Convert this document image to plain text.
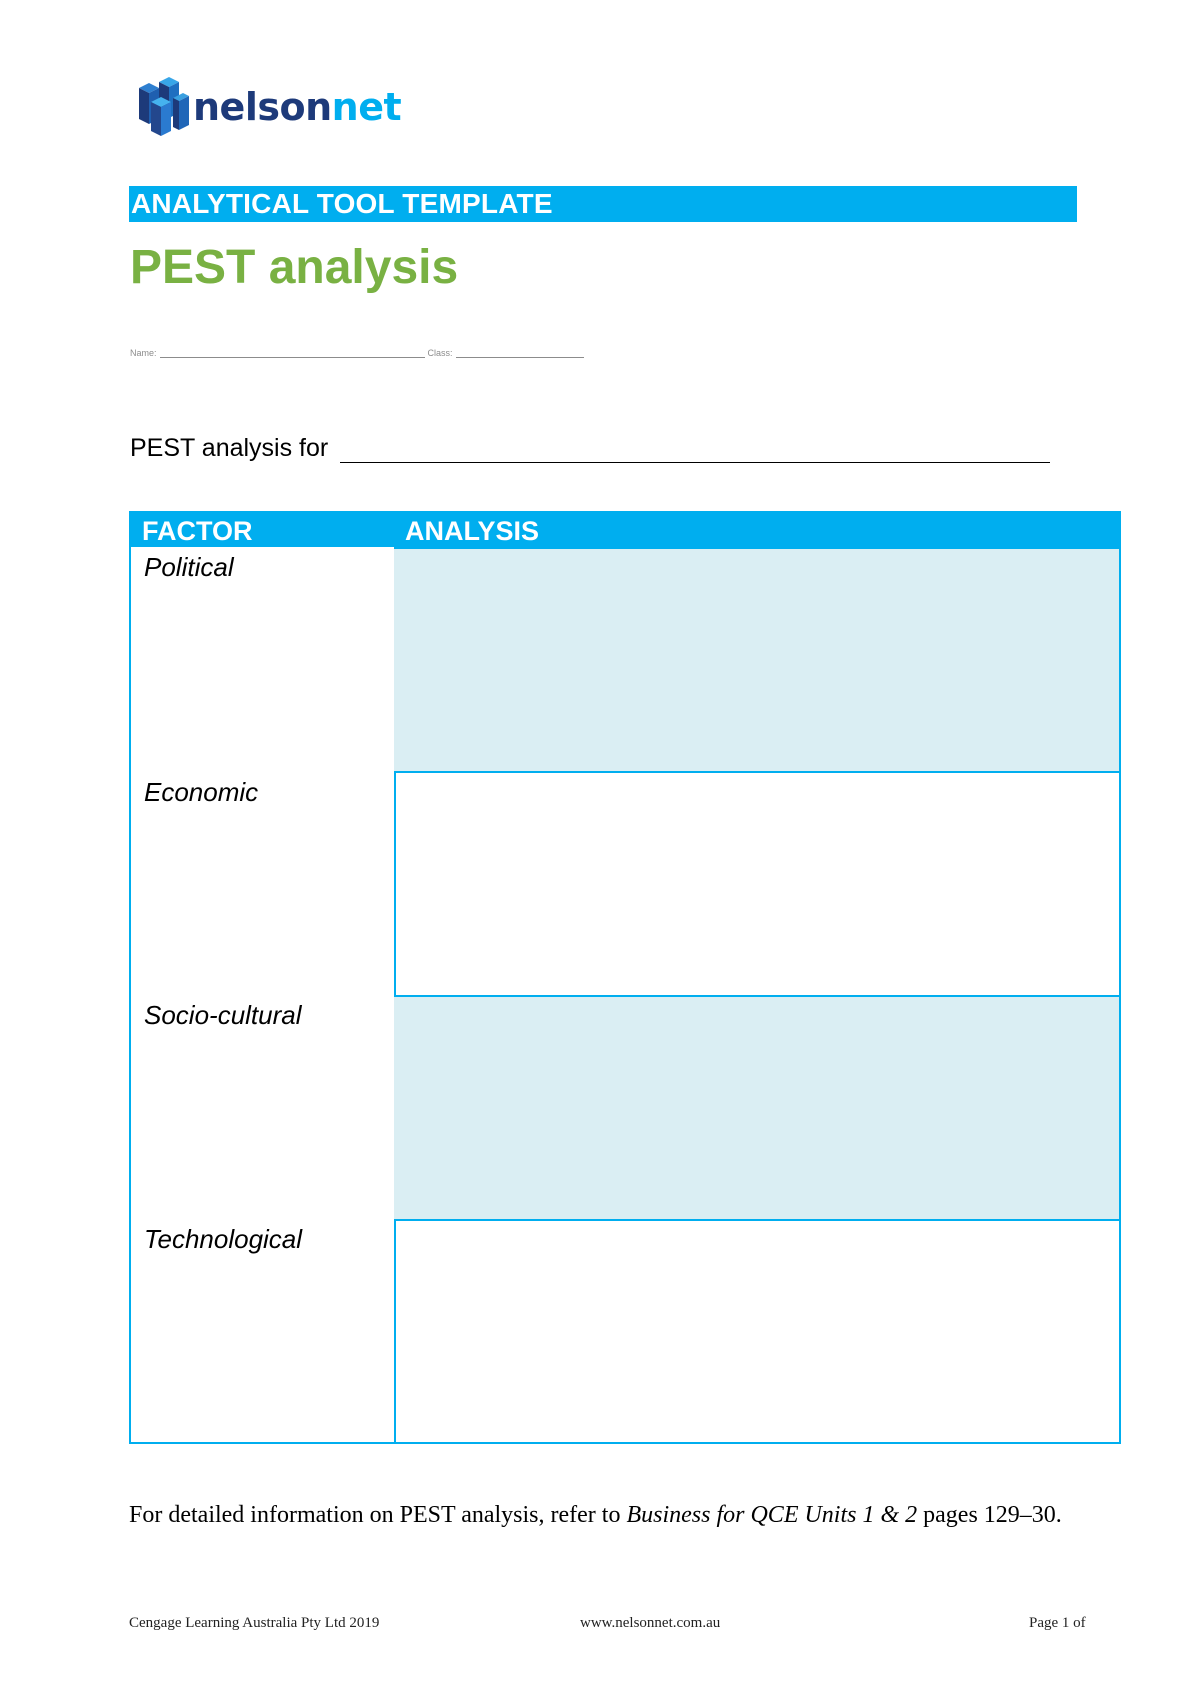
nelsonnet
ANALYTICAL TOOL TEMPLATE
PEST analysis
Name:	Class:
PEST analysis for
FACTOR	ANALYSIS
Political
Economic
Socio-cultural
Technological
For detailed information on PEST analysis, refer to Business for QCE Units 1 & 2 pages 129–30.
Cengage Learning Australia Pty Ltd 2019	www.nelsonnet.com.au	Page 1 of
